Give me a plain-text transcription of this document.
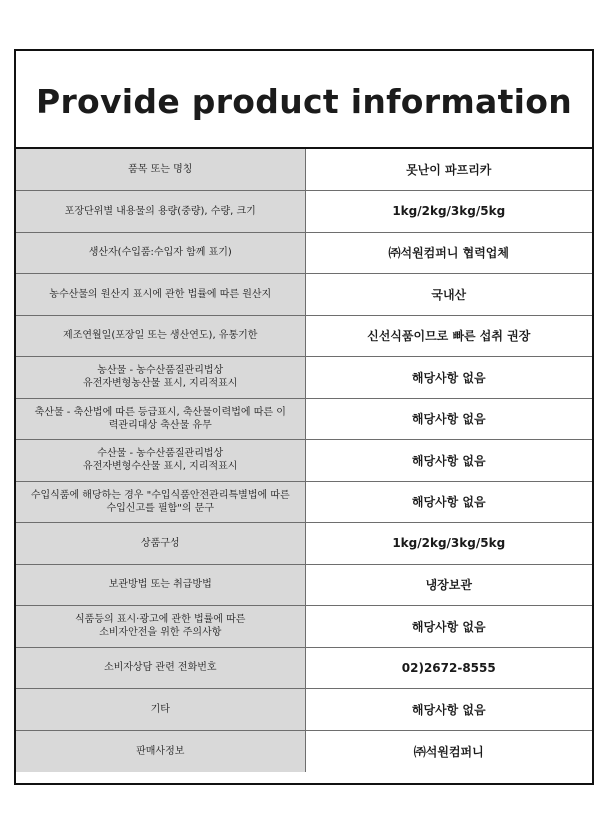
Provide product information
품목 또는 명칭	못난이 파프리카
포장단위별 내용물의 용량(중량), 수량, 크기	1kg/2kg/3kg/5kg
생산자(수입품:수입자 함께 표기)	㈜석원컴퍼니 협력업체
농수산물의 원산지 표시에 관한 법률에 따른 원산지	국내산
제조연월일(포장일 또는 생산연도), 유통기한	신선식품이므로 빠른 섭취 권장
농산물 - 농수산품질관리법상
유전자변형농산물 표시, 지리적표시	해당사항 없음
축산물 - 축산법에 따른 등급표시, 축산물이력법에 따른 이
력관리대상 축산물 유무	해당사항 없음
수산물 - 농수산품질관리법상
유전자변형수산물 표시, 지리적표시	해당사항 없음
수입식품에 해당하는 경우 "수입식품안전관리특별법에 따른
수입신고를 필함"의 문구	해당사항 없음
상품구성	1kg/2kg/3kg/5kg
보관방법 또는 취급방법	냉장보관
식품등의 표시·광고에 관한 법률에 따른
소비자안전을 위한 주의사항	해당사항 없음
소비자상담 관련 전화번호	02)2672-8555
기타	해당사항 없음
판매사정보	㈜석원컴퍼니
